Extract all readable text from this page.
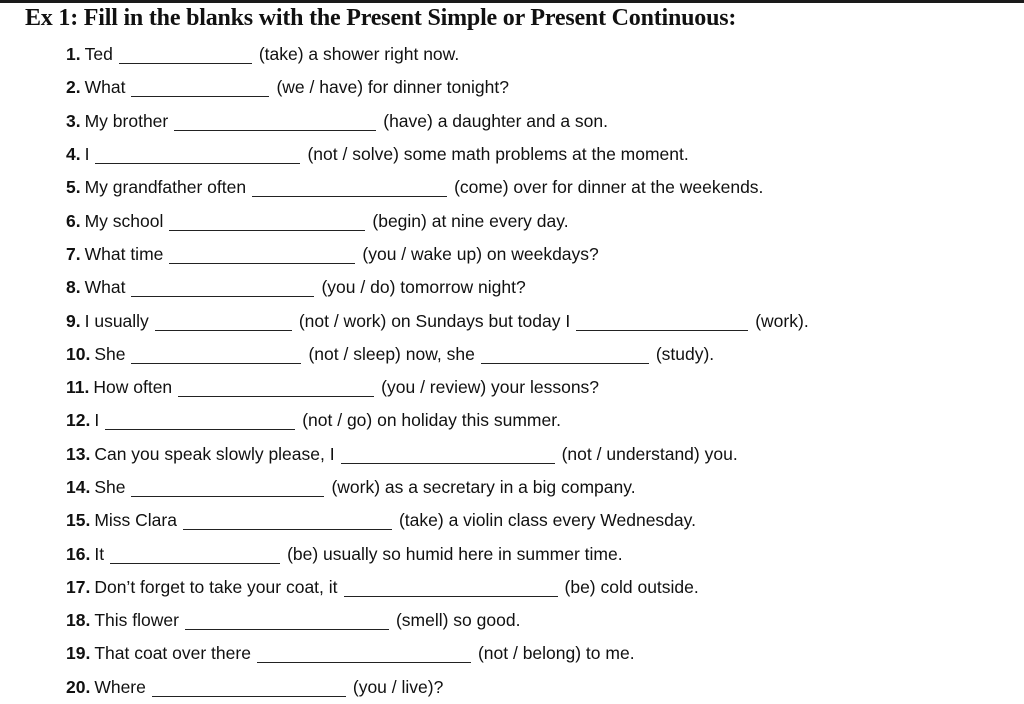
Ex 1: Fill in the blanks with the Present Simple or Present Continuous:
1. Ted	(take) a shower right now.
2. What	(we / have) for dinner tonight?
3. My brother	(have) a daughter and a son.
4. I	(not / solve) some math problems at the moment.
5. My grandfather often	(come) over for dinner at the weekends.
6. My school	(begin) at nine every day.
7. What time	(you / wake up) on weekdays?
8. What	(you / do) tomorrow night?
9. I usually	(not / work) on Sundays but today I	(work).
10. She	(not / sleep) now, she	(study).
11. How often	(you / review) your lessons?
12. I	(not / go) on holiday this summer.
13. Can you speak slowly please, I	(not / understand) you.
14. She	(work) as a secretary in a big company.
15. Miss Clara	(take) a violin class every Wednesday.
16. It	(be) usually so humid here in summer time.
17. Don’t forget to take your coat, it	(be) cold outside.
18. This flower	(smell) so good.
19. That coat over there	(not / belong) to me.
20. Where	(you / live)?
